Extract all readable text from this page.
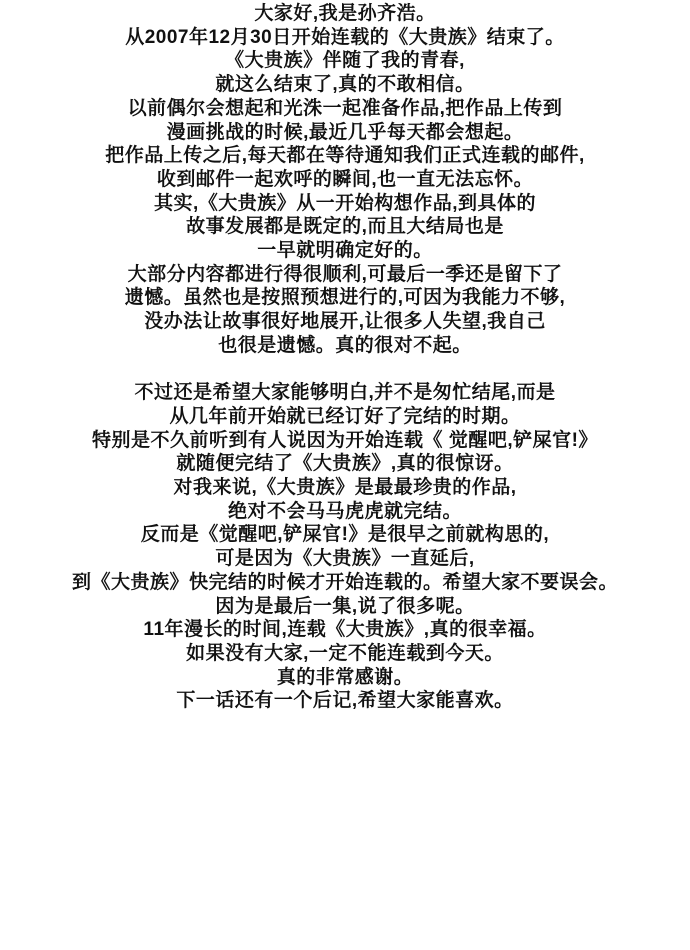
大家好,我是孙齐浩。
从2007年12月30日开始连载的《大贵族》结束了。
《大贵族》伴随了我的青春,
就这么结束了,真的不敢相信。
以前偶尔会想起和光洙一起准备作品,把作品上传到
漫画挑战的时候,最近几乎每天都会想起。
把作品上传之后,每天都在等待通知我们正式连载的邮件,
收到邮件一起欢呼的瞬间,也一直无法忘怀。
其实,《大贵族》从一开始构想作品,到具体的
故事发展都是既定的,而且大结局也是
一早就明确定好的。
大部分内容都进行得很顺利,可最后一季还是留下了
遗憾。虽然也是按照预想进行的,可因为我能力不够,
没办法让故事很好地展开,让很多人失望,我自己
也很是遗憾。真的很对不起。
不过还是希望大家能够明白,并不是匆忙结尾,而是
从几年前开始就已经订好了完结的时期。
特别是不久前听到有人说因为开始连载《 觉醒吧,铲屎官!》
就随便完结了《大贵族》,真的很惊讶。
对我来说,《大贵族》是最最珍贵的作品,
绝对不会马马虎虎就完结。
反而是《觉醒吧,铲屎官!》是很早之前就构思的,
可是因为《大贵族》一直延后,
到《大贵族》快完结的时候才开始连载的。希望大家不要误会。
因为是最后一集,说了很多呢。
11年漫长的时间,连载《大贵族》,真的很幸福。
如果没有大家,一定不能连载到今天。
真的非常感谢。
下一话还有一个后记,希望大家能喜欢。
